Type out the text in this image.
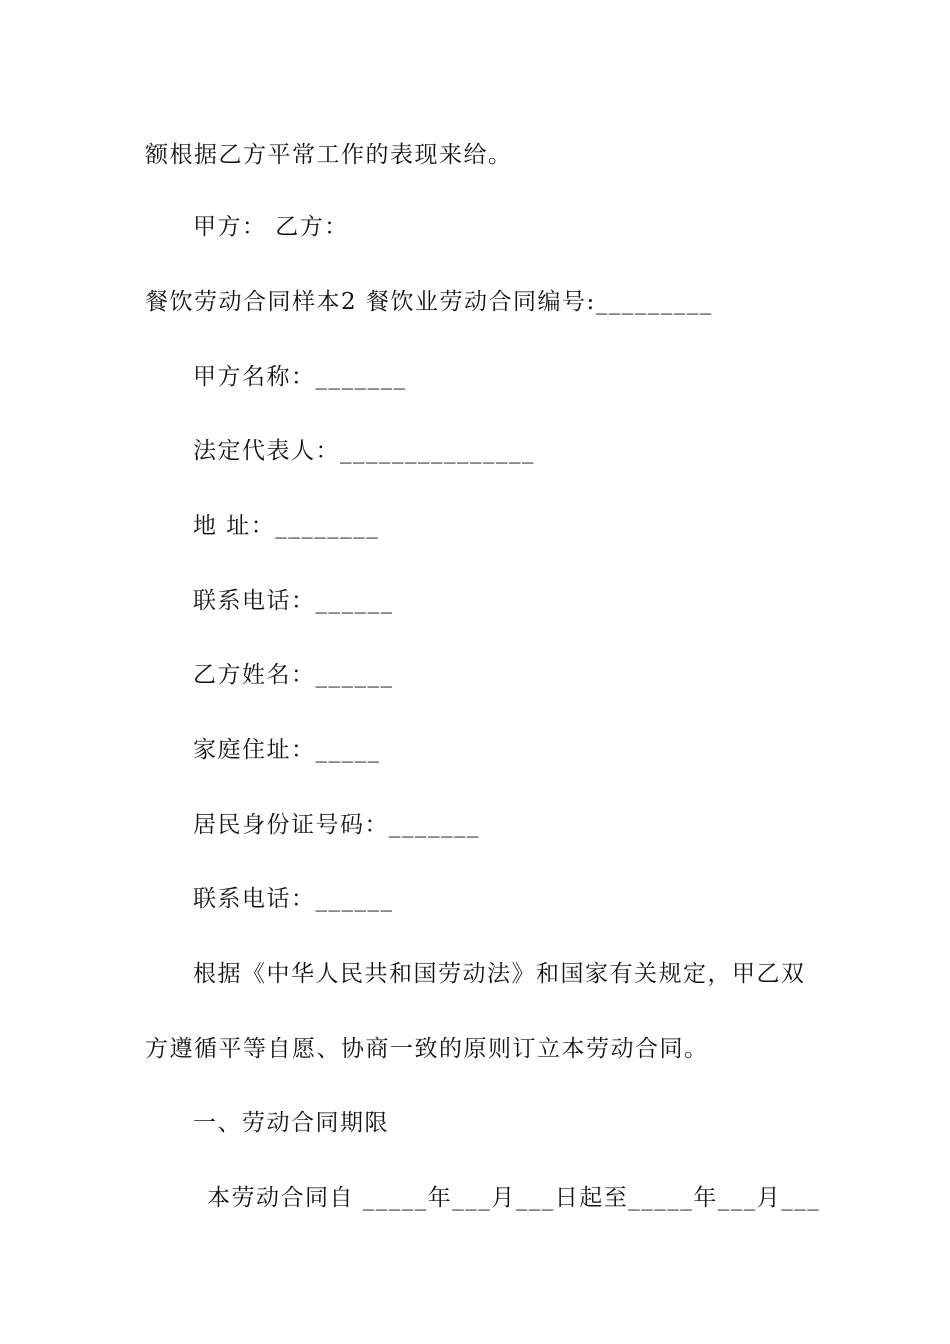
额根据乙方平常工作的表现来给。
甲方： 乙方：
餐饮劳动合同样本2 餐饮业劳动合同编号:_________
甲方名称：_______
法定代表人：_______________
地 址：________
联系电话：______
乙方姓名：______
家庭住址：_____
居民身份证号码：_______
联系电话：______
根据《中华人民共和国劳动法》和国家有关规定，甲乙双
方遵循平等自愿、协商一致的原则订立本劳动合同。
一、劳动合同期限
本劳动合同自 _____年___月___日起至_____年___月___
